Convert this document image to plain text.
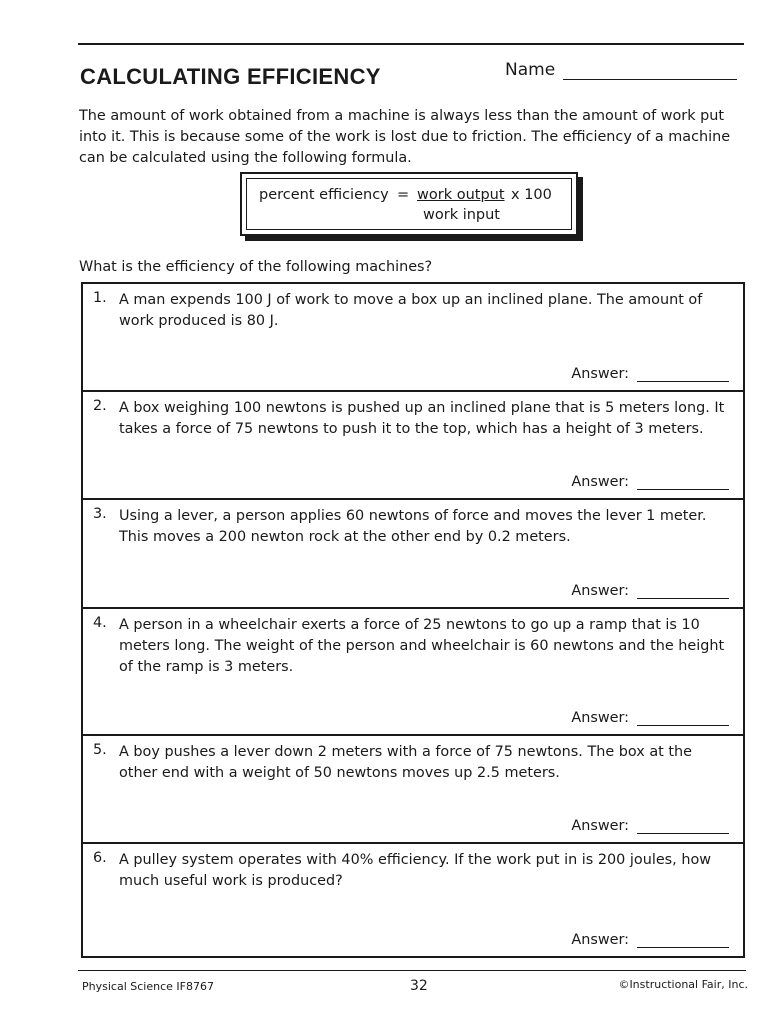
CALCULATING EFFICIENCY	Name
The amount of work obtained from a machine is always less than the amount of work put into it. This is because some of the work is lost due to friction. The efficiency of a machine can be calculated using the following formula.
percent efficiency = work output x 100
work input
What is the efficiency of the following machines?
1. A man expends 100 J of work to move a box up an inclined plane. The amount of work produced is 80 J.
Answer:
2. A box weighing 100 newtons is pushed up an inclined plane that is 5 meters long. It takes a force of 75 newtons to push it to the top, which has a height of 3 meters.
Answer:
3. Using a lever, a person applies 60 newtons of force and moves the lever 1 meter. This moves a 200 newton rock at the other end by 0.2 meters.
Answer:
4. A person in a wheelchair exerts a force of 25 newtons to go up a ramp that is 10 meters long. The weight of the person and wheelchair is 60 newtons and the height of the ramp is 3 meters.
Answer:
5. A boy pushes a lever down 2 meters with a force of 75 newtons. The box at the other end with a weight of 50 newtons moves up 2.5 meters.
Answer:
6. A pulley system operates with 40% efficiency. If the work put in is 200 joules, how much useful work is produced?
Answer:
Physical Science IF8767	32	©Instructional Fair, Inc.
